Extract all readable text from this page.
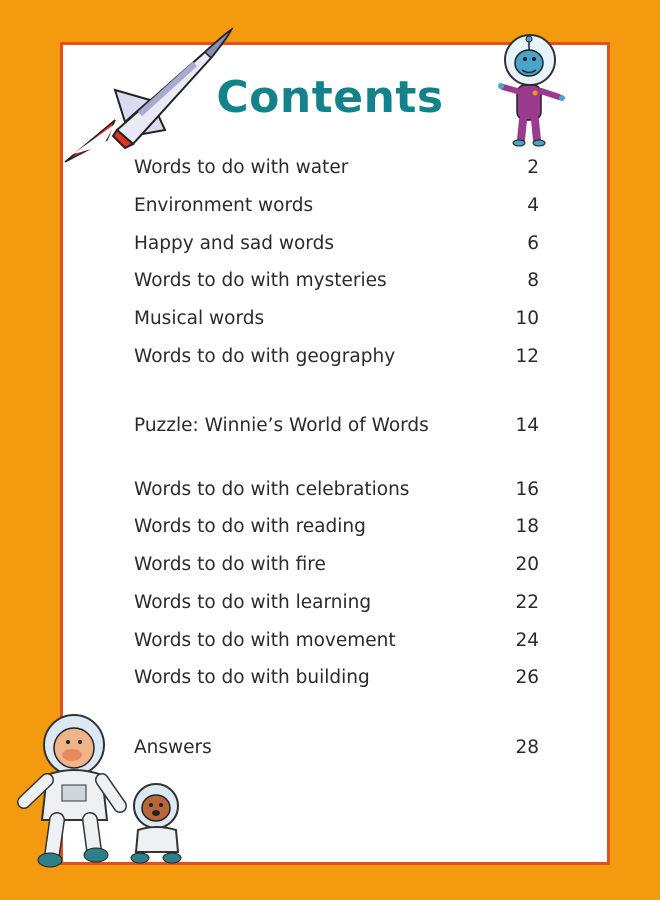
Contents
Words to do with water	2
Environment words	4
Happy and sad words	6
Words to do with mysteries	8
Musical words	10
Words to do with geography	12
Puzzle: Winnie’s World of Words	14
Words to do with celebrations	16
Words to do with reading	18
Words to do with fire	20
Words to do with learning	22
Words to do with movement	24
Words to do with building	26
Answers	28
